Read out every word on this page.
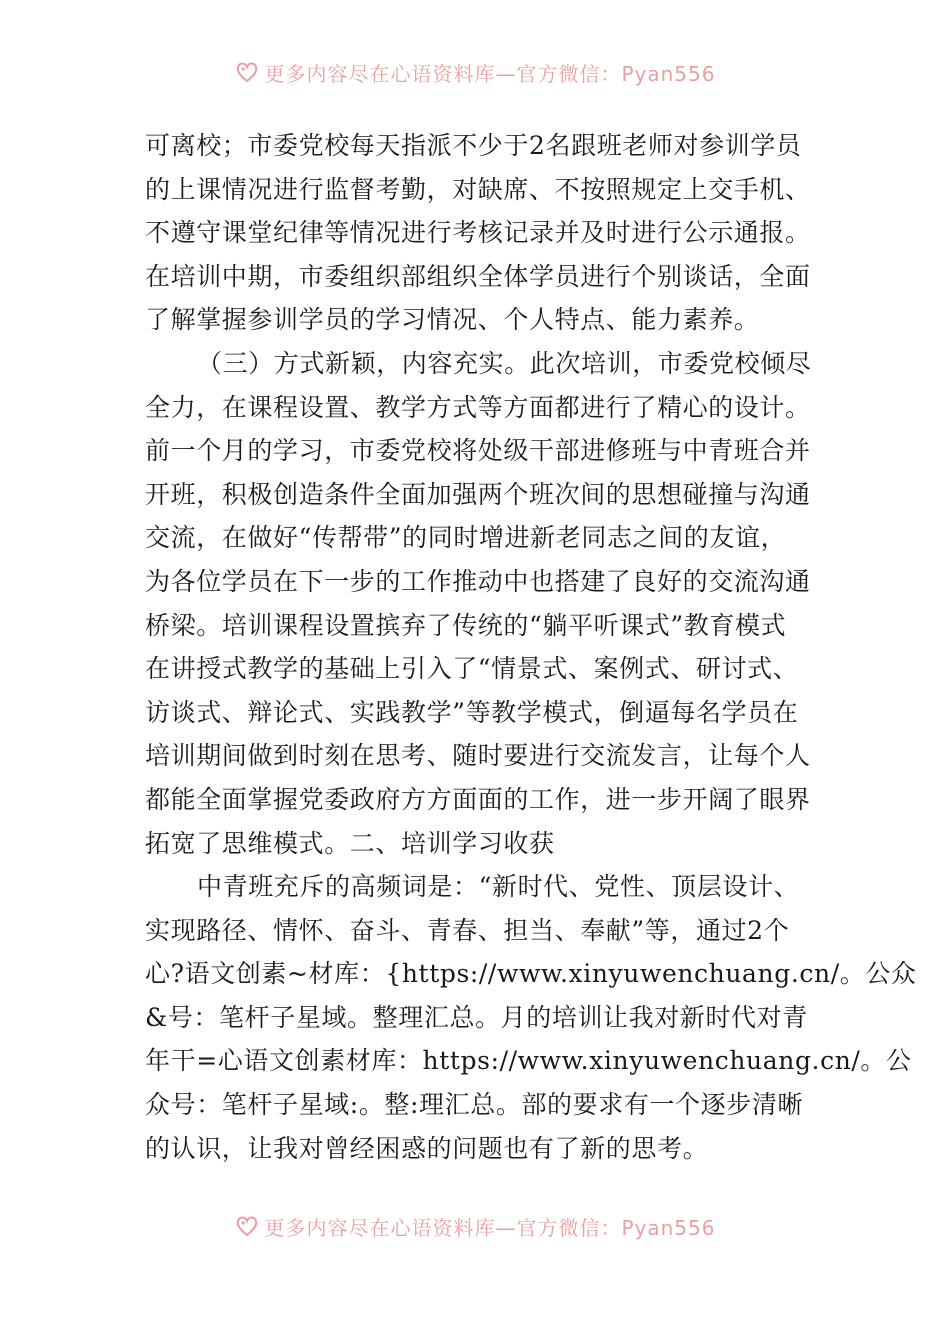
更多内容尽在心语资料库—官方微信：Pyan556
可离校；市委党校每天指派不少于2名跟班老师对参训学员
的上课情况进行监督考勤，对缺席、不按照规定上交手机、
不遵守课堂纪律等情况进行考核记录并及时进行公示通报。
在培训中期，市委组织部组织全体学员进行个别谈话，全面
了解掌握参训学员的学习情况、个人特点、能力素养。
（三）方式新颖，内容充实。此次培训，市委党校倾尽
全力，在课程设置、教学方式等方面都进行了精心的设计。
前一个月的学习，市委党校将处级干部进修班与中青班合并
开班，积极创造条件全面加强两个班次间的思想碰撞与沟通
交流，在做好“传帮带”的同时增进新老同志之间的友谊，
为各位学员在下一步的工作推动中也搭建了良好的交流沟通
桥梁。培训课程设置摈弃了传统的“躺平听课式”教育模式
在讲授式教学的基础上引入了“情景式、案例式、研讨式、
访谈式、辩论式、实践教学”等教学模式，倒逼每名学员在
培训期间做到时刻在思考、随时要进行交流发言，让每个人
都能全面掌握党委政府方方面面的工作，进一步开阔了眼界
拓宽了思维模式。二、培训学习收获
中青班充斥的高频词是：“新时代、党性、顶层设计、
实现路径、情怀、奋斗、青春、担当、奉献”等，通过2个
心?语文创素~材库：{https://www.xinyuwenchuang.cn/。公众
&号：笔杆子星域。整理汇总。月的培训让我对新时代对青
年干=心语文创素材库：https://www.xinyuwenchuang.cn/。公
众号：笔杆子星域:。整:理汇总。部的要求有一个逐步清晰
的认识，让我对曾经困惑的问题也有了新的思考。
更多内容尽在心语资料库—官方微信：Pyan556
